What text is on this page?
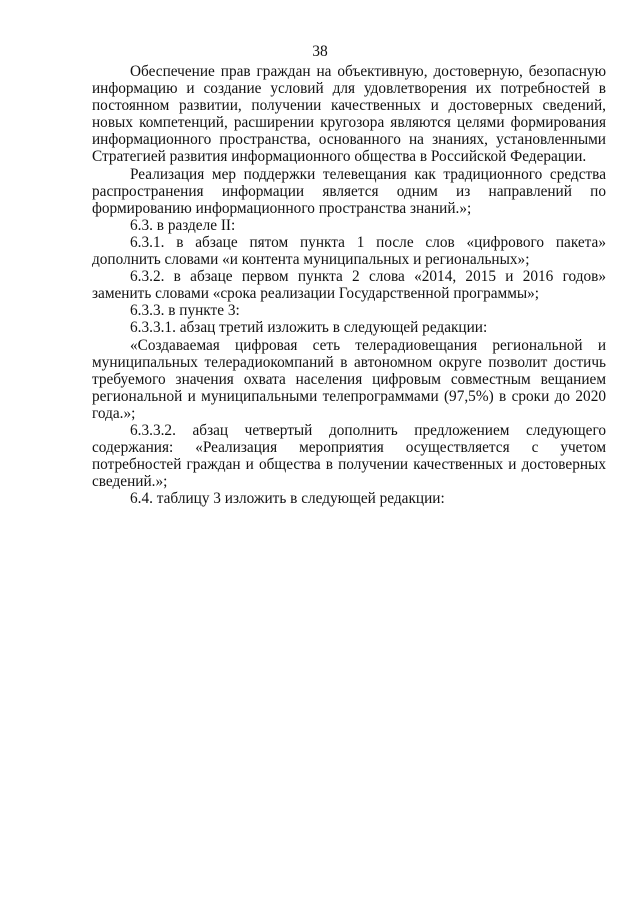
38

Обеспечение прав граждан на объективную, достоверную, безопасную информацию и создание условий для удовлетворения их потребностей в постоянном развитии, получении качественных и достоверных сведений, новых компетенций, расширении кругозора являются целями формирования информационного пространства, основанного на знаниях, установленными Стратегией развития информационного общества в Российской Федерации.

Реализация мер поддержки телевещания как традиционного средства распространения информации является одним из направлений по формированию информационного пространства знаний.»;

6.3. в разделе II:

6.3.1. в абзаце пятом пункта 1 после слов «цифрового пакета» дополнить словами «и контента муниципальных и региональных»;

6.3.2. в абзаце первом пункта 2 слова «2014, 2015 и 2016 годов» заменить словами «срока реализации Государственной программы»;

6.3.3. в пункте 3:

6.3.3.1. абзац третий изложить в следующей редакции:

«Создаваемая цифровая сеть телерадиовещания региональной и муниципальных телерадиокомпаний в автономном округе позволит достичь требуемого значения охвата населения цифровым совместным вещанием региональной и муниципальными телепрограммами (97,5%) в сроки до 2020 года.»;

6.3.3.2. абзац четвертый дополнить предложением следующего содержания: «Реализация мероприятия осуществляется с учетом потребностей граждан и общества в получении качественных и достоверных сведений.»;

6.4. таблицу 3 изложить в следующей редакции:
